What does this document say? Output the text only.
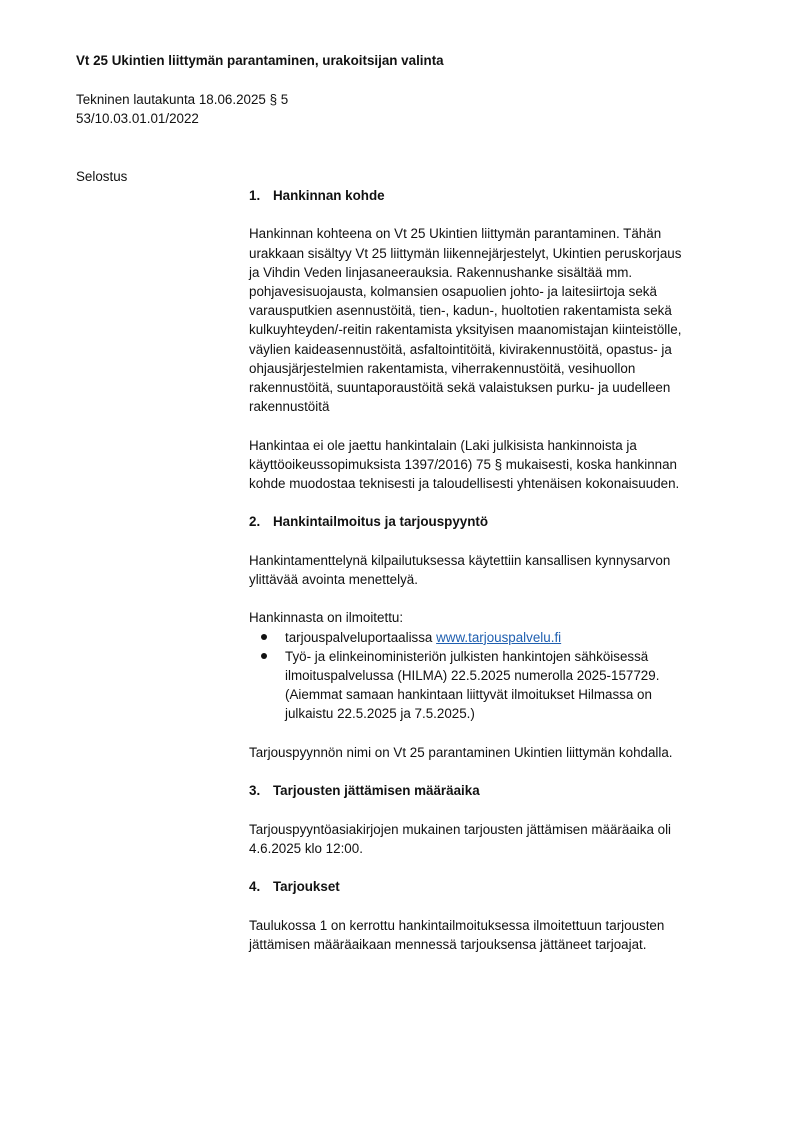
Vt 25 Ukintien liittymän parantaminen, urakoitsijan valinta
Tekninen lautakunta 18.06.2025 § 5
53/10.03.01.01/2022
Selostus
1. Hankinnan kohde

Hankinnan kohteena on Vt 25 Ukintien liittymän parantaminen. Tähän
urakkaan sisältyy Vt 25 liittymän liikennejärjestelyt, Ukintien peruskorjaus
ja Vihdin Veden linjasaneerauksia. Rakennushanke sisältää mm.
pohjavesisuojausta, kolmansien osapuolien johto- ja laitesiirtoja sekä
varausputkien asennustöitä, tien-, kadun-, huoltotien rakentamista sekä
kulkuyhteyden/-reitin rakentamista yksityisen maanomistajan kiinteistölle,
väylien kaideasennustöitä, asfaltointitöitä, kivirakennustöitä, opastus- ja
ohjausjärjestelmien rakentamista, viherrakennustöitä, vesihuollon
rakennustöitä, suuntaporaustöitä sekä valaistuksen purku- ja uudelleen
rakennustöitä

Hankintaa ei ole jaettu hankintalain (Laki julkisista hankinnoista ja
käyttöoikeussopimuksista 1397/2016) 75 § mukaisesti, koska hankinnan
kohde muodostaa teknisesti ja taloudellisesti yhtenäisen kokonaisuuden.

2. Hankintailmoitus ja tarjouspyyntö

Hankintamenttelynä kilpailutuksessa käytettiin kansallisen kynnysarvon
ylittävää avointa menettelyä.

Hankinnasta on ilmoitettu:

tarjouspalveluportaalissa www.tarjouspalvelu.fi
Työ- ja elinkeinoministeriön julkisten hankintojen sähköisessä
ilmoituspalvelussa (HILMA) 22.5.2025 numerolla 2025-157729.
(Aiemmat samaan hankintaan liittyvät ilmoitukset Hilmassa on
julkaistu 22.5.2025 ja 7.5.2025.)

Tarjouspyynnön nimi on Vt 25 parantaminen Ukintien liittymän kohdalla.

3. Tarjousten jättämisen määräaika

Tarjouspyyntöasiakirjojen mukainen tarjousten jättämisen määräaika oli
4.6.2025 klo 12:00.

4. Tarjoukset

Taulukossa 1 on kerrottu hankintailmoituksessa ilmoitettuun tarjousten
jättämisen määräaikaan mennessä tarjouksensa jättäneet tarjoajat.
